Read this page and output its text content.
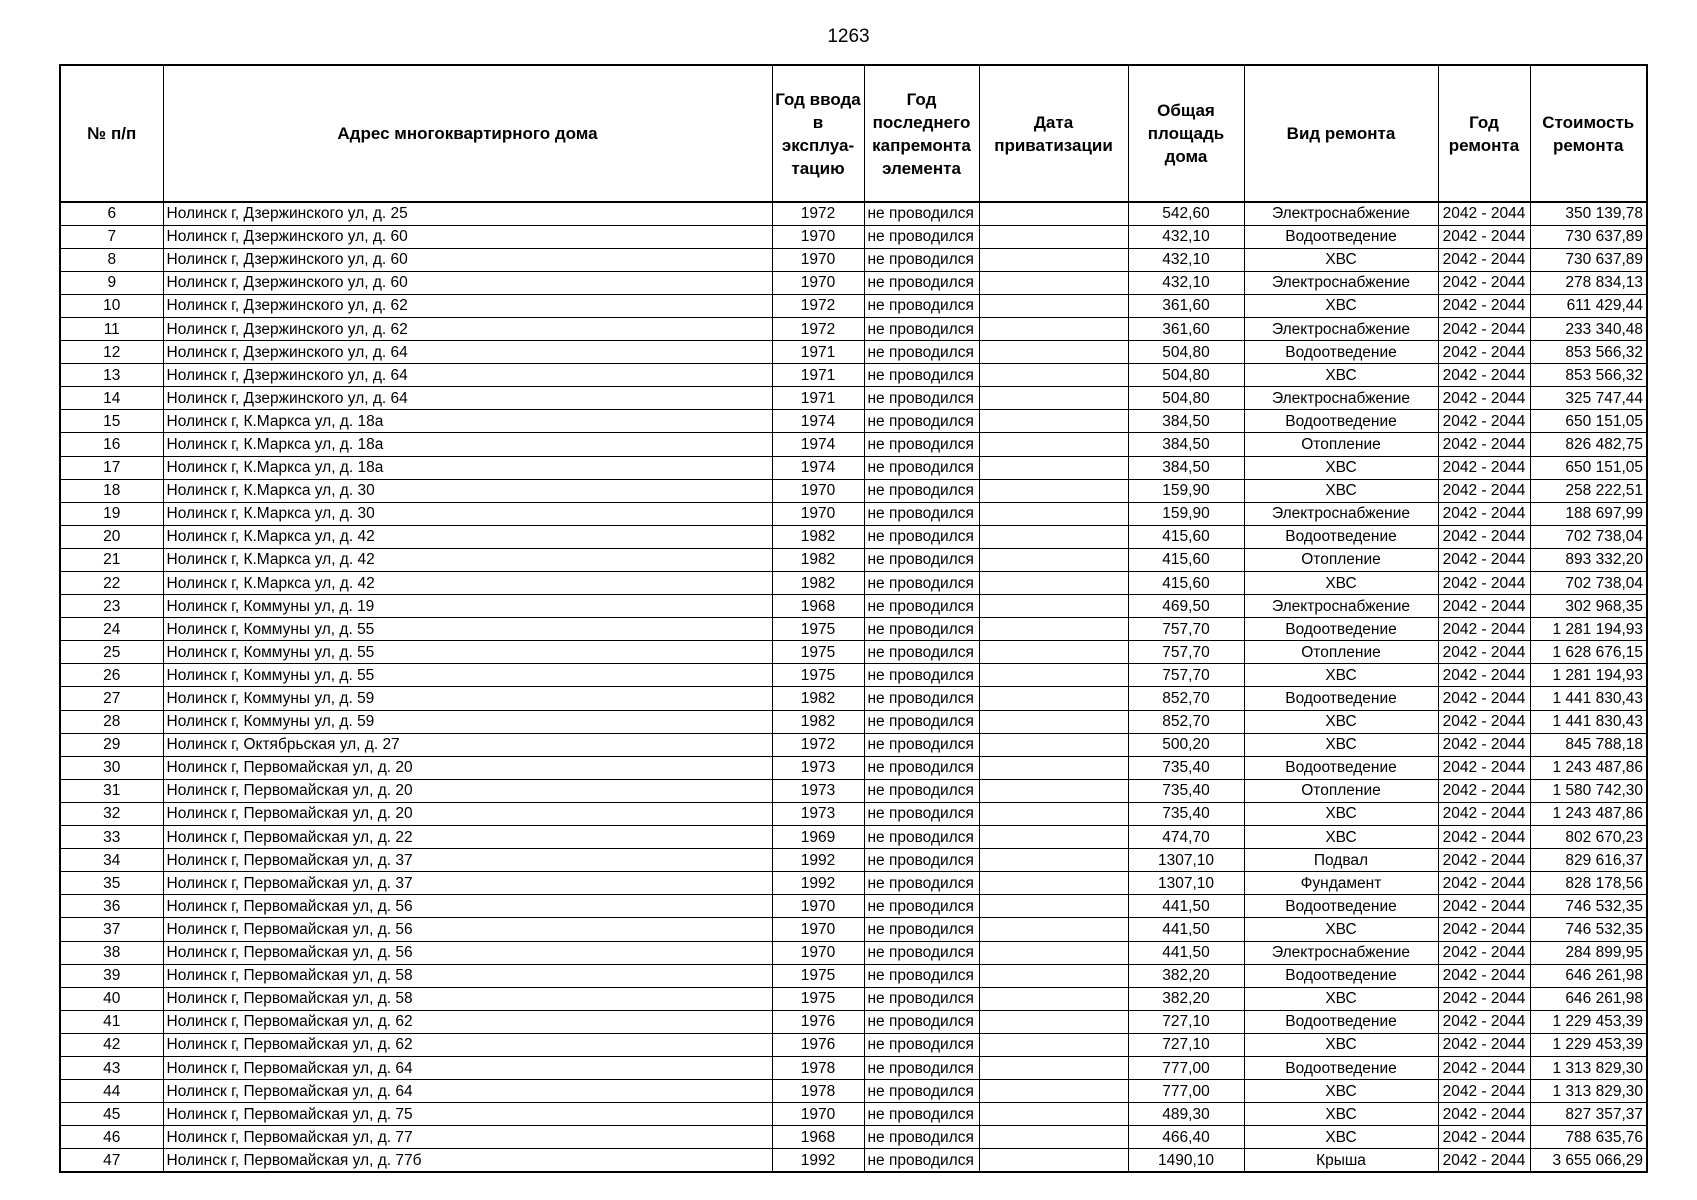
1263
№ п/п	Адрес многоквартирного дома	Год ввода в эксплуа-тацию	Год последнего капремонта элемента	Дата приватизации	Общая площадь дома	Вид ремонта	Год ремонта	Стоимость ремонта
6	Нолинск г, Дзержинского ул, д. 25	1972	не проводился		542,60	Электроснабжение	2042 - 2044	350 139,78
7	Нолинск г, Дзержинского ул, д. 60	1970	не проводился		432,10	Водоотведение	2042 - 2044	730 637,89
8	Нолинск г, Дзержинского ул, д. 60	1970	не проводился		432,10	ХВС	2042 - 2044	730 637,89
9	Нолинск г, Дзержинского ул, д. 60	1970	не проводился		432,10	Электроснабжение	2042 - 2044	278 834,13
10	Нолинск г, Дзержинского ул, д. 62	1972	не проводился		361,60	ХВС	2042 - 2044	611 429,44
11	Нолинск г, Дзержинского ул, д. 62	1972	не проводился		361,60	Электроснабжение	2042 - 2044	233 340,48
12	Нолинск г, Дзержинского ул, д. 64	1971	не проводился		504,80	Водоотведение	2042 - 2044	853 566,32
13	Нолинск г, Дзержинского ул, д. 64	1971	не проводился		504,80	ХВС	2042 - 2044	853 566,32
14	Нолинск г, Дзержинского ул, д. 64	1971	не проводился		504,80	Электроснабжение	2042 - 2044	325 747,44
15	Нолинск г, К.Маркса ул, д. 18а	1974	не проводился		384,50	Водоотведение	2042 - 2044	650 151,05
16	Нолинск г, К.Маркса ул, д. 18а	1974	не проводился		384,50	Отопление	2042 - 2044	826 482,75
17	Нолинск г, К.Маркса ул, д. 18а	1974	не проводился		384,50	ХВС	2042 - 2044	650 151,05
18	Нолинск г, К.Маркса ул, д. 30	1970	не проводился		159,90	ХВС	2042 - 2044	258 222,51
19	Нолинск г, К.Маркса ул, д. 30	1970	не проводился		159,90	Электроснабжение	2042 - 2044	188 697,99
20	Нолинск г, К.Маркса ул, д. 42	1982	не проводился		415,60	Водоотведение	2042 - 2044	702 738,04
21	Нолинск г, К.Маркса ул, д. 42	1982	не проводился		415,60	Отопление	2042 - 2044	893 332,20
22	Нолинск г, К.Маркса ул, д. 42	1982	не проводился		415,60	ХВС	2042 - 2044	702 738,04
23	Нолинск г, Коммуны ул, д. 19	1968	не проводился		469,50	Электроснабжение	2042 - 2044	302 968,35
24	Нолинск г, Коммуны ул, д. 55	1975	не проводился		757,70	Водоотведение	2042 - 2044	1 281 194,93
25	Нолинск г, Коммуны ул, д. 55	1975	не проводился		757,70	Отопление	2042 - 2044	1 628 676,15
26	Нолинск г, Коммуны ул, д. 55	1975	не проводился		757,70	ХВС	2042 - 2044	1 281 194,93
27	Нолинск г, Коммуны ул, д. 59	1982	не проводился		852,70	Водоотведение	2042 - 2044	1 441 830,43
28	Нолинск г, Коммуны ул, д. 59	1982	не проводился		852,70	ХВС	2042 - 2044	1 441 830,43
29	Нолинск г, Октябрьская ул, д. 27	1972	не проводился		500,20	ХВС	2042 - 2044	845 788,18
30	Нолинск г, Первомайская ул, д. 20	1973	не проводился		735,40	Водоотведение	2042 - 2044	1 243 487,86
31	Нолинск г, Первомайская ул, д. 20	1973	не проводился		735,40	Отопление	2042 - 2044	1 580 742,30
32	Нолинск г, Первомайская ул, д. 20	1973	не проводился		735,40	ХВС	2042 - 2044	1 243 487,86
33	Нолинск г, Первомайская ул, д. 22	1969	не проводился		474,70	ХВС	2042 - 2044	802 670,23
34	Нолинск г, Первомайская ул, д. 37	1992	не проводился		1307,10	Подвал	2042 - 2044	829 616,37
35	Нолинск г, Первомайская ул, д. 37	1992	не проводился		1307,10	Фундамент	2042 - 2044	828 178,56
36	Нолинск г, Первомайская ул, д. 56	1970	не проводился		441,50	Водоотведение	2042 - 2044	746 532,35
37	Нолинск г, Первомайская ул, д. 56	1970	не проводился		441,50	ХВС	2042 - 2044	746 532,35
38	Нолинск г, Первомайская ул, д. 56	1970	не проводился		441,50	Электроснабжение	2042 - 2044	284 899,95
39	Нолинск г, Первомайская ул, д. 58	1975	не проводился		382,20	Водоотведение	2042 - 2044	646 261,98
40	Нолинск г, Первомайская ул, д. 58	1975	не проводился		382,20	ХВС	2042 - 2044	646 261,98
41	Нолинск г, Первомайская ул, д. 62	1976	не проводился		727,10	Водоотведение	2042 - 2044	1 229 453,39
42	Нолинск г, Первомайская ул, д. 62	1976	не проводился		727,10	ХВС	2042 - 2044	1 229 453,39
43	Нолинск г, Первомайская ул, д. 64	1978	не проводился		777,00	Водоотведение	2042 - 2044	1 313 829,30
44	Нолинск г, Первомайская ул, д. 64	1978	не проводился		777,00	ХВС	2042 - 2044	1 313 829,30
45	Нолинск г, Первомайская ул, д. 75	1970	не проводился		489,30	ХВС	2042 - 2044	827 357,37
46	Нолинск г, Первомайская ул, д. 77	1968	не проводился		466,40	ХВС	2042 - 2044	788 635,76
47	Нолинск г, Первомайская ул, д. 77б	1992	не проводился		1490,10	Крыша	2042 - 2044	3 655 066,29
